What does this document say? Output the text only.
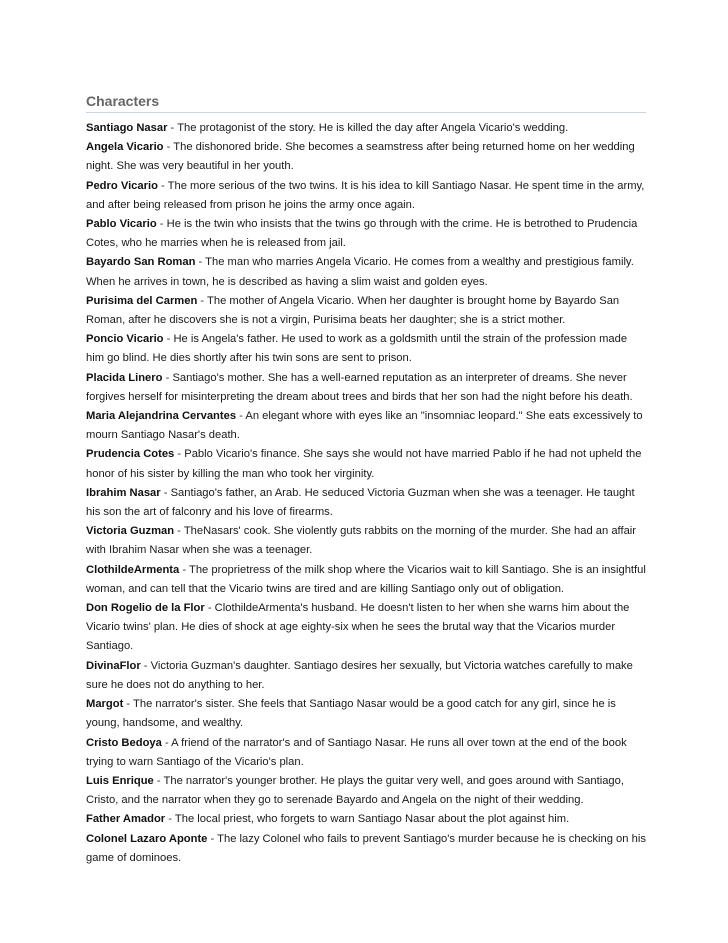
Characters

Santiago Nasar - The protagonist of the story. He is killed the day after Angela Vicario's wedding.

Angela Vicario - The dishonored bride. She becomes a seamstress after being returned home on her wedding night. She was very beautiful in her youth.

Pedro Vicario - The more serious of the two twins. It is his idea to kill Santiago Nasar. He spent time in the army, and after being released from prison he joins the army once again.

Pablo Vicario - He is the twin who insists that the twins go through with the crime. He is betrothed to Prudencia Cotes, who he marries when he is released from jail.

Bayardo San Roman - The man who marries Angela Vicario. He comes from a wealthy and prestigious family. When he arrives in town, he is described as having a slim waist and golden eyes.

Purisima del Carmen - The mother of Angela Vicario. When her daughter is brought home by Bayardo San Roman, after he discovers she is not a virgin, Purisima beats her daughter; she is a strict mother.

Poncio Vicario - He is Angela's father. He used to work as a goldsmith until the strain of the profession made him go blind. He dies shortly after his twin sons are sent to prison.

Placida Linero - Santiago's mother. She has a well-earned reputation as an interpreter of dreams. She never forgives herself for misinterpreting the dream about trees and birds that her son had the night before his death.

Maria Alejandrina Cervantes - An elegant whore with eyes like an "insomniac leopard." She eats excessively to mourn Santiago Nasar's death.

Prudencia Cotes - Pablo Vicario's finance. She says she would not have married Pablo if he had not upheld the honor of his sister by killing the man who took her virginity.

Ibrahim Nasar - Santiago's father, an Arab. He seduced Victoria Guzman when she was a teenager. He taught his son the art of falconry and his love of firearms.

Victoria Guzman - TheNasars' cook. She violently guts rabbits on the morning of the murder. She had an affair with Ibrahim Nasar when she was a teenager.

ClothildeArmenta - The proprietress of the milk shop where the Vicarios wait to kill Santiago. She is an insightful woman, and can tell that the Vicario twins are tired and are killing Santiago only out of obligation.

Don Rogelio de la Flor - ClothildeArmenta's husband. He doesn't listen to her when she warns him about the Vicario twins' plan. He dies of shock at age eighty-six when he sees the brutal way that the Vicarios murder Santiago.

DivinaFlor - Victoria Guzman's daughter. Santiago desires her sexually, but Victoria watches carefully to make sure he does not do anything to her.

Margot - The narrator's sister. She feels that Santiago Nasar would be a good catch for any girl, since he is young, handsome, and wealthy.

Cristo Bedoya - A friend of the narrator's and of Santiago Nasar. He runs all over town at the end of the book trying to warn Santiago of the Vicario's plan.

Luis Enrique - The narrator's younger brother. He plays the guitar very well, and goes around with Santiago, Cristo, and the narrator when they go to serenade Bayardo and Angela on the night of their wedding.

Father Amador - The local priest, who forgets to warn Santiago Nasar about the plot against him.

Colonel Lazaro Aponte - The lazy Colonel who fails to prevent Santiago's murder because he is checking on his game of dominoes.
